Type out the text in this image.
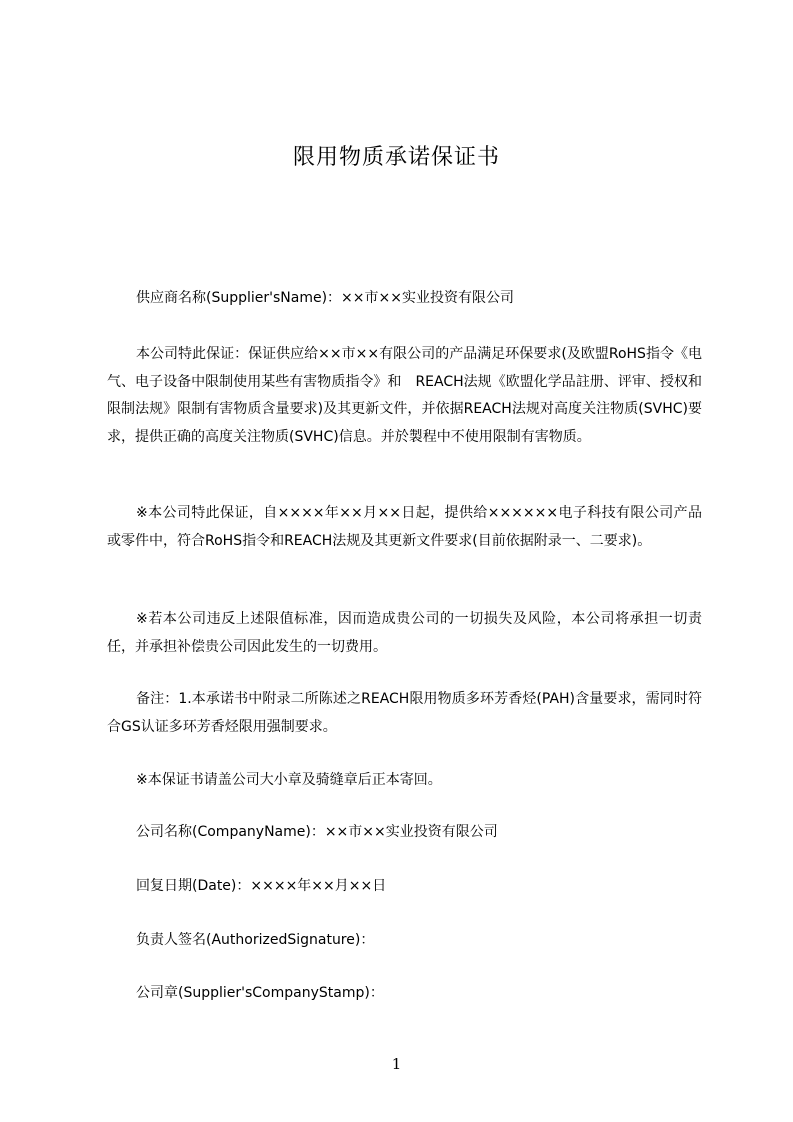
限用物质承诺保证书

供应商名称(Supplier'sName)：××市××实业投资有限公司

本公司特此保证：保证供应给××市××有限公司的产品满足环保要求(及欧盟RoHS指令《电气、电子设备中限制使用某些有害物质指令》和　REACH法规《欧盟化学品註册、评审、授权和限制法规》限制有害物质含量要求)及其更新文件，并依据REACH法规对高度关注物质(SVHC)要求，提供正确的高度关注物质(SVHC)信息。并於製程中不使用限制有害物质。

※本公司特此保证，自××××年××月××日起，提供给××××××电子科技有限公司产品或零件中，符合RoHS指令和REACH法规及其更新文件要求(目前依据附录一、二要求)。

※若本公司违反上述限值标准，因而造成贵公司的一切损失及风险，本公司将承担一切责任，并承担补偿贵公司因此发生的一切费用。

备注：1.本承诺书中附录二所陈述之REACH限用物质多环芳香烃(PAH)含量要求，需同时符合GS认证多环芳香烃限用强制要求。

※本保证书请盖公司大小章及骑缝章后正本寄回。

公司名称(CompanyName)：××市××实业投资有限公司

回复日期(Date)：××××年××月××日

负责人签名(AuthorizedSignature)：

公司章(Supplier'sCompanyStamp)：

1
